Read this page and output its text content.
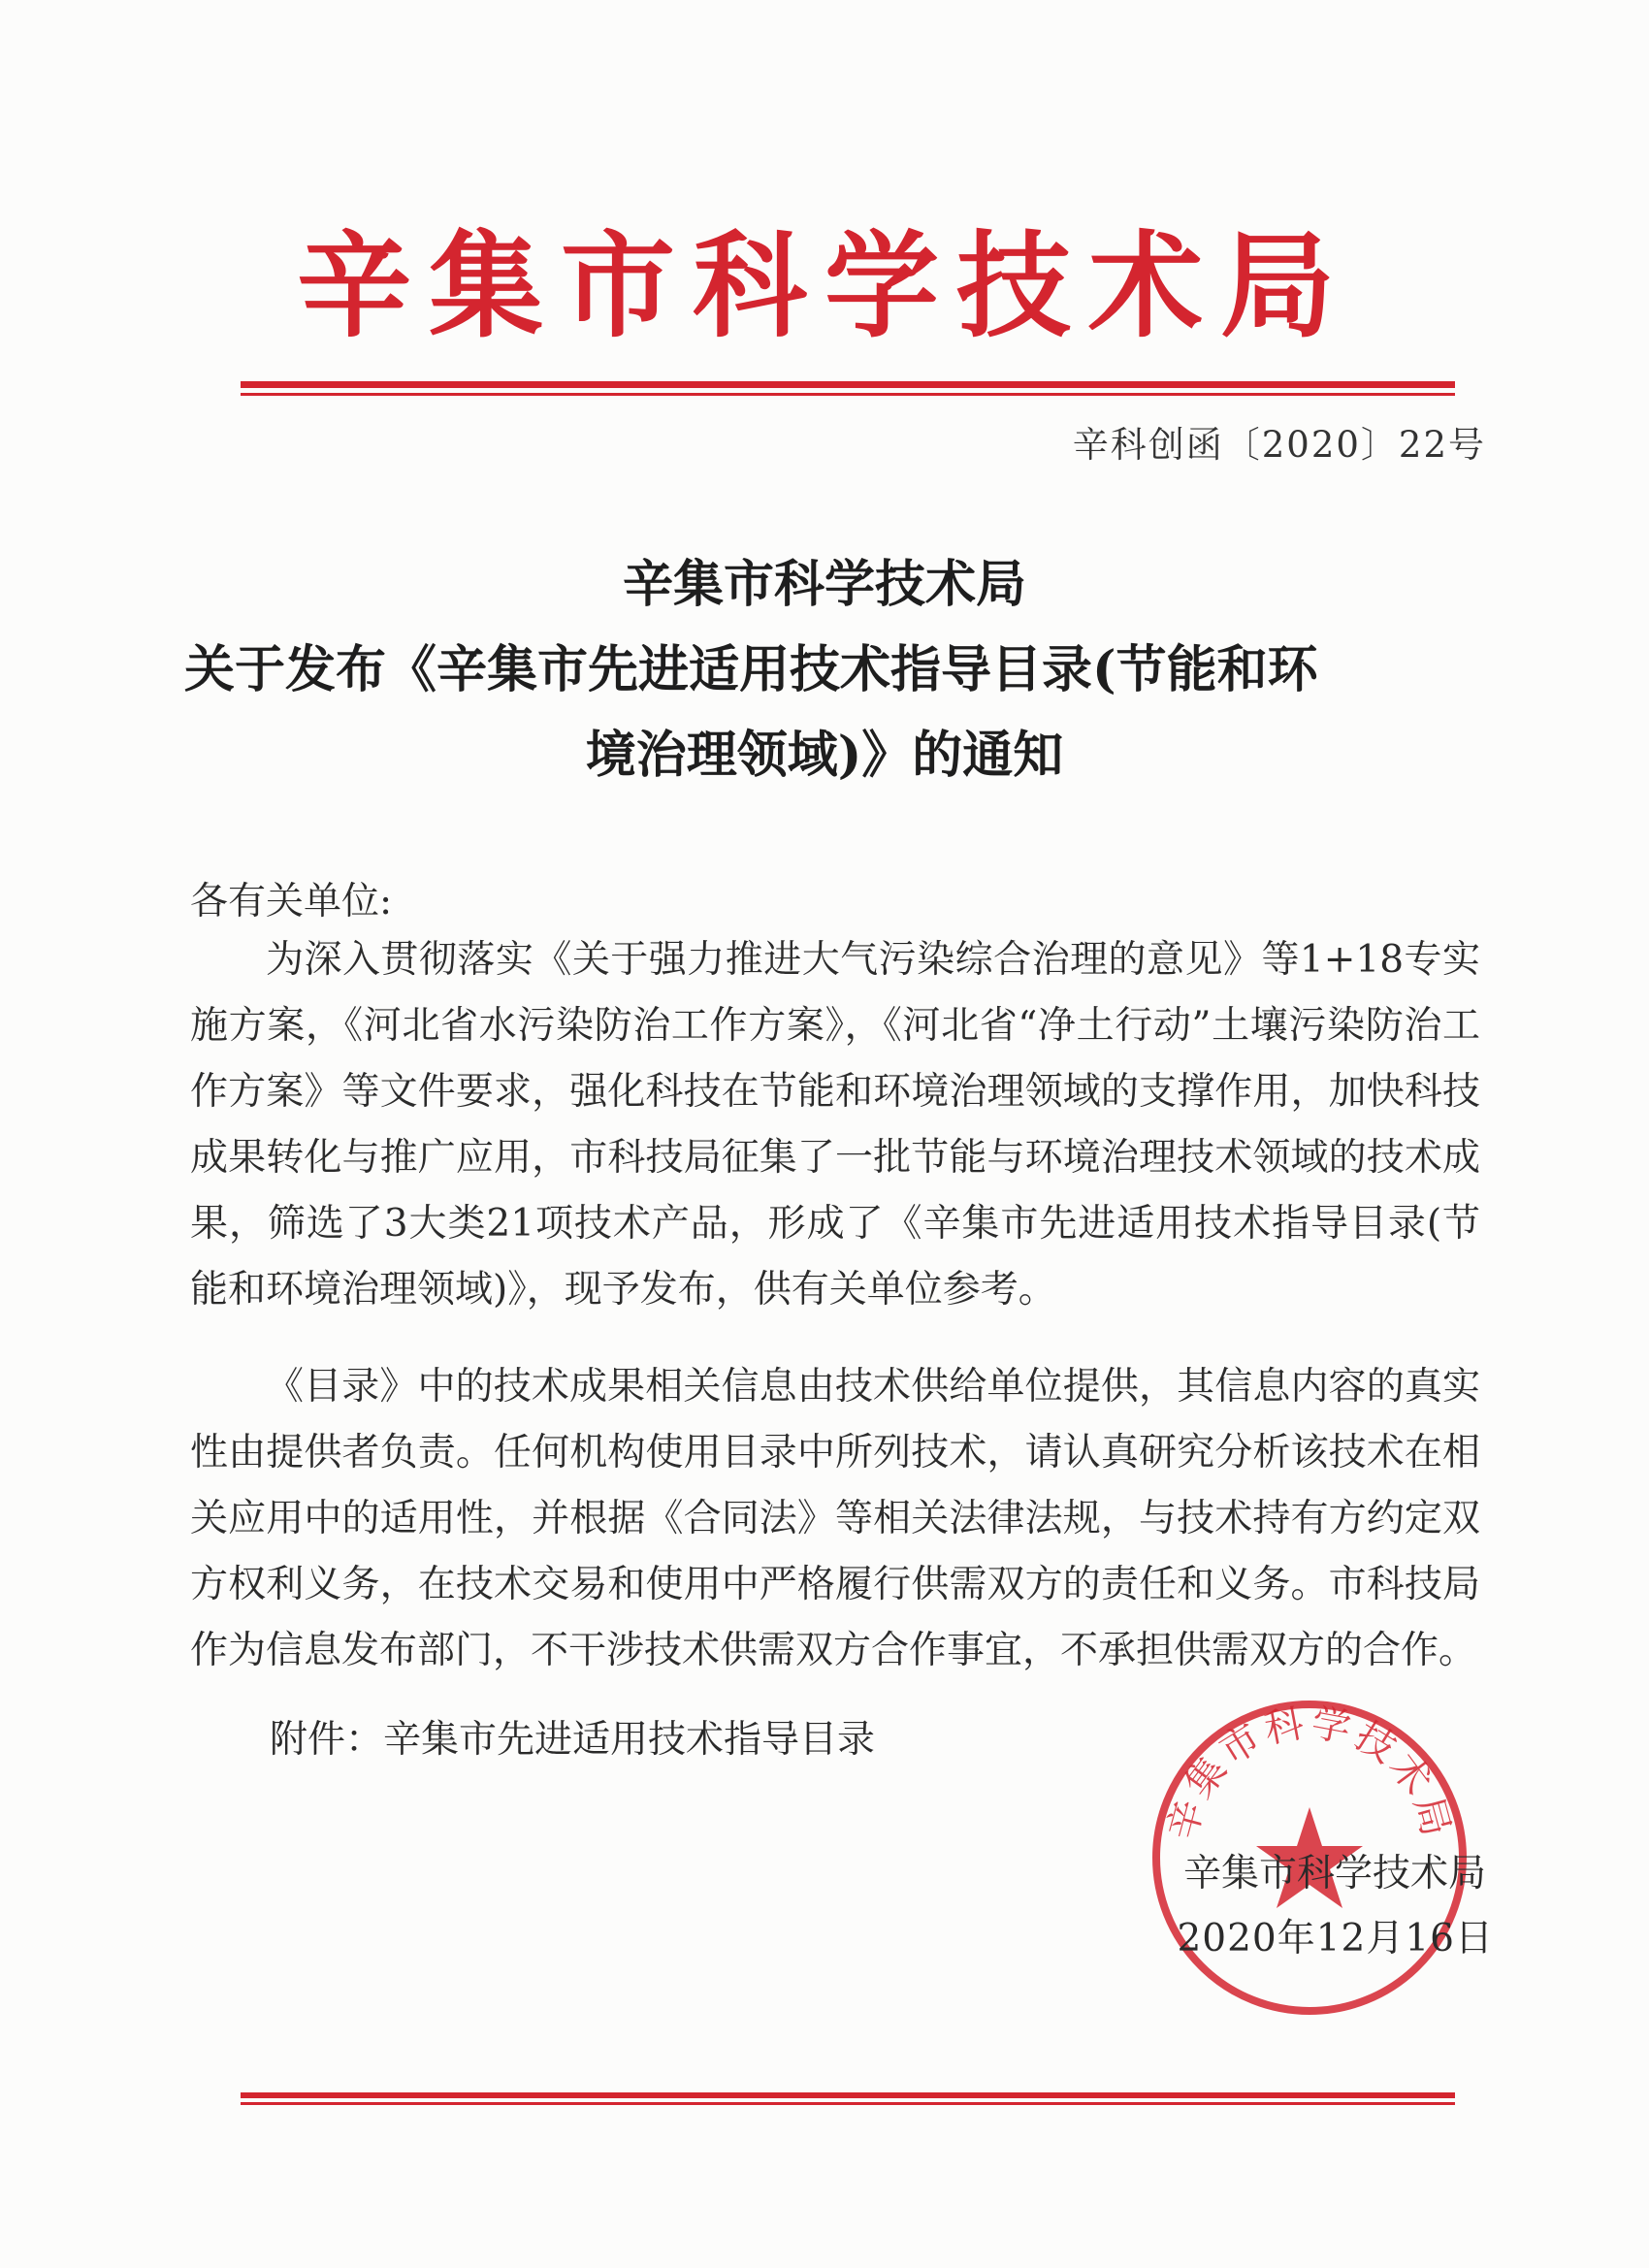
辛集市科学技术局
辛科创函〔2020〕22号
辛集市科学技术局
关于发布《辛集市先进适用技术指导目录(节能和环
境治理领域)》的通知
各有关单位:

为深入贯彻落实《关于强力推进大气污染综合治理的意见》等1+18专实施方案，《河北省水污染防治工作方案》，《河北省“净土行动”土壤污染防治工作方案》等文件要求，强化科技在节能和环境治理领域的支撑作用，加快科技成果转化与推广应用，市科技局征集了一批节能与环境治理技术领域的技术成果，筛选了3大类21项技术产品，形成了《辛集市先进适用技术指导目录(节能和环境治理领域)》，现予发布，供有关单位参考。

《目录》中的技术成果相关信息由技术供给单位提供，其信息内容的真实性由提供者负责。任何机构使用目录中所列技术，请认真研究分析该技术在相关应用中的适用性，并根据《合同法》等相关法律法规，与技术持有方约定双方权利义务，在技术交易和使用中严格履行供需双方的责任和义务。市科技局作为信息发布部门，不干涉技术供需双方合作事宜，不承担供需双方的合作。

附件：辛集市先进适用技术指导目录
辛集市科学技术局
辛集市科学技术局
2020年12月16日
